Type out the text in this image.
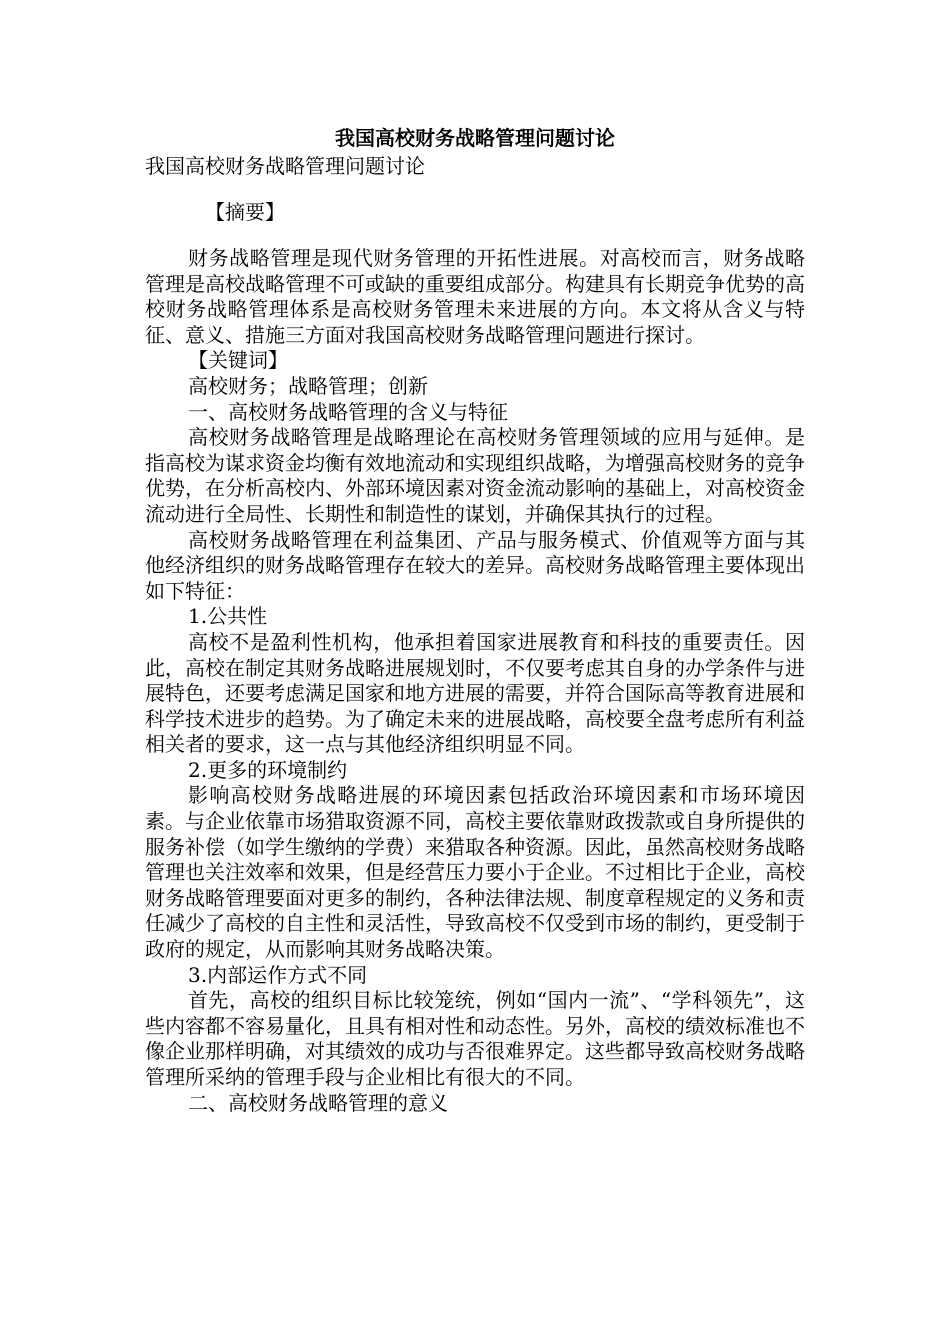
我国高校财务战略管理问题讨论

我国高校财务战略管理问题讨论

【摘要】

财务战略管理是现代财务管理的开拓性进展。对高校而言，财务战略管理是高校战略管理不可或缺的重要组成部分。构建具有长期竞争优势的高校财务战略管理体系是高校财务管理未来进展的方向。本文将从含义与特征、意义、措施三方面对我国高校财务战略管理问题进行探讨。

【关键词】

高校财务；战略管理；创新

一、高校财务战略管理的含义与特征

高校财务战略管理是战略理论在高校财务管理领域的应用与延伸。是指高校为谋求资金均衡有效地流动和实现组织战略，为增强高校财务的竞争优势，在分析高校内、外部环境因素对资金流动影响的基础上，对高校资金流动进行全局性、长期性和制造性的谋划，并确保其执行的过程。

高校财务战略管理在利益集团、产品与服务模式、价值观等方面与其他经济组织的财务战略管理存在较大的差异。高校财务战略管理主要体现出如下特征：

1.公共性

高校不是盈利性机构，他承担着国家进展教育和科技的重要责任。因此，高校在制定其财务战略进展规划时，不仅要考虑其自身的办学条件与进展特色，还要考虑满足国家和地方进展的需要，并符合国际高等教育进展和科学技术进步的趋势。为了确定未来的进展战略，高校要全盘考虑所有利益相关者的要求，这一点与其他经济组织明显不同。

2.更多的环境制约

影响高校财务战略进展的环境因素包括政治环境因素和市场环境因素。与企业依靠市场猎取资源不同，高校主要依靠财政拨款或自身所提供的服务补偿（如学生缴纳的学费）来猎取各种资源。因此，虽然高校财务战略管理也关注效率和效果，但是经营压力要小于企业。不过相比于企业，高校财务战略管理要面对更多的制约，各种法律法规、制度章程规定的义务和责任减少了高校的自主性和灵活性，导致高校不仅受到市场的制约，更受制于政府的规定，从而影响其财务战略决策。

3.内部运作方式不同

首先，高校的组织目标比较笼统，例如“国内一流”、“学科领先”，这些内容都不容易量化，且具有相对性和动态性。另外，高校的绩效标准也不像企业那样明确，对其绩效的成功与否很难界定。这些都导致高校财务战略管理所采纳的管理手段与企业相比有很大的不同。

二、高校财务战略管理的意义
